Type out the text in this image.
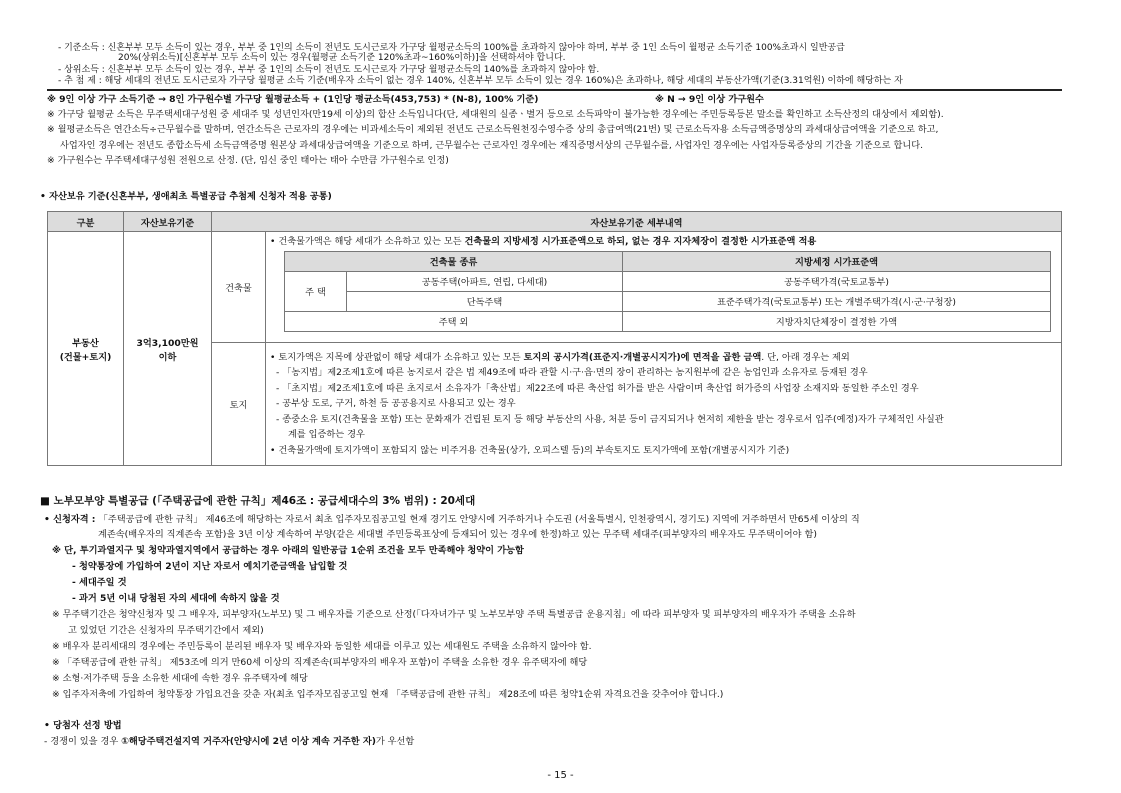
- 기준소득 : 신혼부부 모두 소득이 있는 경우, 부부 중 1인의 소득이 전년도 도시근로자 가구당 월평균소득의 100%를 초과하지 않아야 하며, 부부 중 1인 소득이 월평균 소득기준 100%초과시 일반공급
20%(상위소득)[신혼부부 모두 소득이 있는 경우(월평균 소득기준 120%초과~160%이하)]을 선택하셔야 합니다.
- 상위소득 : 신혼부부 모두 소득이 있는 경우, 부부 중 1인의 소득이 전년도 도시근로자 가구당 월평균소득의 140%를 초과하지 않아야 함.
- 추 첨 제 : 해당 세대의 전년도 도시근로자 가구당 월평균 소득 기준(배우자 소득이 없는 경우 140%, 신혼부부 모두 소득이 있는 경우 160%)은 초과하나, 해당 세대의 부동산가액(기준(3.31억원) 이하에 해당하는 자
※ 9인 이상 가구 소득기준 → 8인 가구원수별 가구당 월평균소득 + (1인당 평균소득(453,753) * (N-8), 100% 기준)	※ N → 9인 이상 가구원수
※ 가구당 월평균 소득은 무주택세대구성원 중 세대주 및 성년인자(만19세 이상)의 합산 소득입니다(단, 세대원의 실종ㆍ별거 등으로 소득파악이 불가능한 경우에는 주민등록등본 말소를 확인하고 소득산정의 대상에서 제외함).
※ 월평균소득은 연간소득÷근무월수를 말하며, 연간소득은 근로자의 경우에는 비과세소득이 제외된 전년도 근로소득원천징수영수증 상의 총급여액(21번) 및 근로소득자용 소득금액증명상의 과세대상급여액을 기준으로 하고,
사업자인 경우에는 전년도 종합소득세 소득금액증명 원본상 과세대상급여액을 기준으로 하며, 근무월수는 근로자인 경우에는 재직증명서상의 근무월수를, 사업자인 경우에는 사업자등록증상의 기간을 기준으로 합니다.
※ 가구원수는 무주택세대구성원 전원으로 산정. (단, 임신 중인 태아는 태아 수만큼 가구원수로 인정)
• 자산보유 기준(신혼부부, 생애최초 특별공급 추첨제 신청자 적용 공통)
구분	자산보유기준	자산보유기준 세부내역

부동산
(건물+토지)

3억3,100만원
이하
	건축물	
• 건축물가액은 해당 세대가 소유하고 있는 모든 건축물의 지방세정 시가표준액으로 하되, 없는 경우 지자체장이 결정한 시가표준액 적용
건축물 종류	지방세정 시가표준액
주 택	공동주택(아파트, 연립, 다세대)	공동주택가격(국토교통부)
단독주택	표준주택가격(국토교통부) 또는 개별주택가격(시·군·구청장)
주택 외	지방자치단체장이 결정한 가액

토지	
• 토지가액은 지목에 상관없이 해당 세대가 소유하고 있는 모든 토지의 공시가격(표준지·개별공시지가)에 면적을 곱한 금액. 단, 아래 경우는 제외
- 「농지법」제2조제1호에 따른 농지로서 같은 법 제49조에 따라 관할 시·구·읍·면의 장이 관리하는 농지원부에 같은 농업인과 소유자로 등재된 경우
- 「초지법」제2조제1호에 따른 초지로서 소유자가「축산법」제22조에 따른 축산업 허가를 받은 사람이며 축산업 허가증의 사업장 소재지와 동일한 주소인 경우
- 공부상 도로, 구거, 하천 등 공공용지로 사용되고 있는 경우
- 종중소유 토지(건축물을 포함) 또는 문화재가 건립된 토지 등 해당 부동산의 사용, 처분 등이 금지되거나 현저히 제한을 받는 경우로서 입주(예정)자가 구체적인 사실관
계를 입증하는 경우
• 건축물가액에 토지가액이 포함되지 않는 비주거용 건축물(상가, 오피스텔 등)의 부속토지도 토지가액에 포함(개별공시지가 기준)
■ 노부모부양 특별공급 (「주택공급에 관한 규칙」제46조 : 공급세대수의 3% 범위) : 20세대
• 신청자격 : 「주택공급에 관한 규칙」 제46조에 해당하는 자로서 최초 입주자모집공고일 현재 경기도 안양시에 거주하거나 수도권 (서울특별시, 인천광역시, 경기도) 지역에 거주하면서 만65세 이상의 직
계존속(배우자의 직계존속 포함)을 3년 이상 계속하여 부양(같은 세대별 주민등록표상에 등재되어 있는 경우에 한정)하고 있는 무주택 세대주(피부양자의 배우자도 무주택이어야 함)
※ 단, 투기과열지구 및 청약과열지역에서 공급하는 경우 아래의 일반공급 1순위 조건을 모두 만족해야 청약이 가능함
- 청약통장에 가입하여 2년이 지난 자로서 예치기준금액을 납입할 것
- 세대주일 것
- 과거 5년 이내 당첨된 자의 세대에 속하지 않을 것
※ 무주택기간은 청약신청자 및 그 배우자, 피부양자(노부모) 및 그 배우자를 기준으로 산정(「다자녀가구 및 노부모부양 주택 특별공급 운용지침」에 따라 피부양자 및 피부양자의 배우자가 주택을 소유하
고 있었던 기간은 신청자의 무주택기간에서 제외)
※ 배우자 분리세대의 경우에는 주민등록이 분리된 배우자 및 배우자와 동일한 세대를 이루고 있는 세대원도 주택을 소유하지 않아야 함.
※ 「주택공급에 관한 규칙」 제53조에 의거 만60세 이상의 직계존속(피부양자의 배우자 포함)이 주택을 소유한 경우 유주택자에 해당
※ 소형·저가주택 등을 소유한 세대에 속한 경우 유주택자에 해당
※ 입주자저축에 가입하여 청약통장 가입요건을 갖춘 자(최초 입주자모집공고일 현재 「주택공급에 관한 규칙」 제28조에 따른 청약1순위 자격요건을 갖추어야 합니다.)
• 당첨자 선정 방법
- 경쟁이 있을 경우 ①해당주택건설지역 거주자(안양시에 2년 이상 계속 거주한 자)가 우선함
- 15 -
